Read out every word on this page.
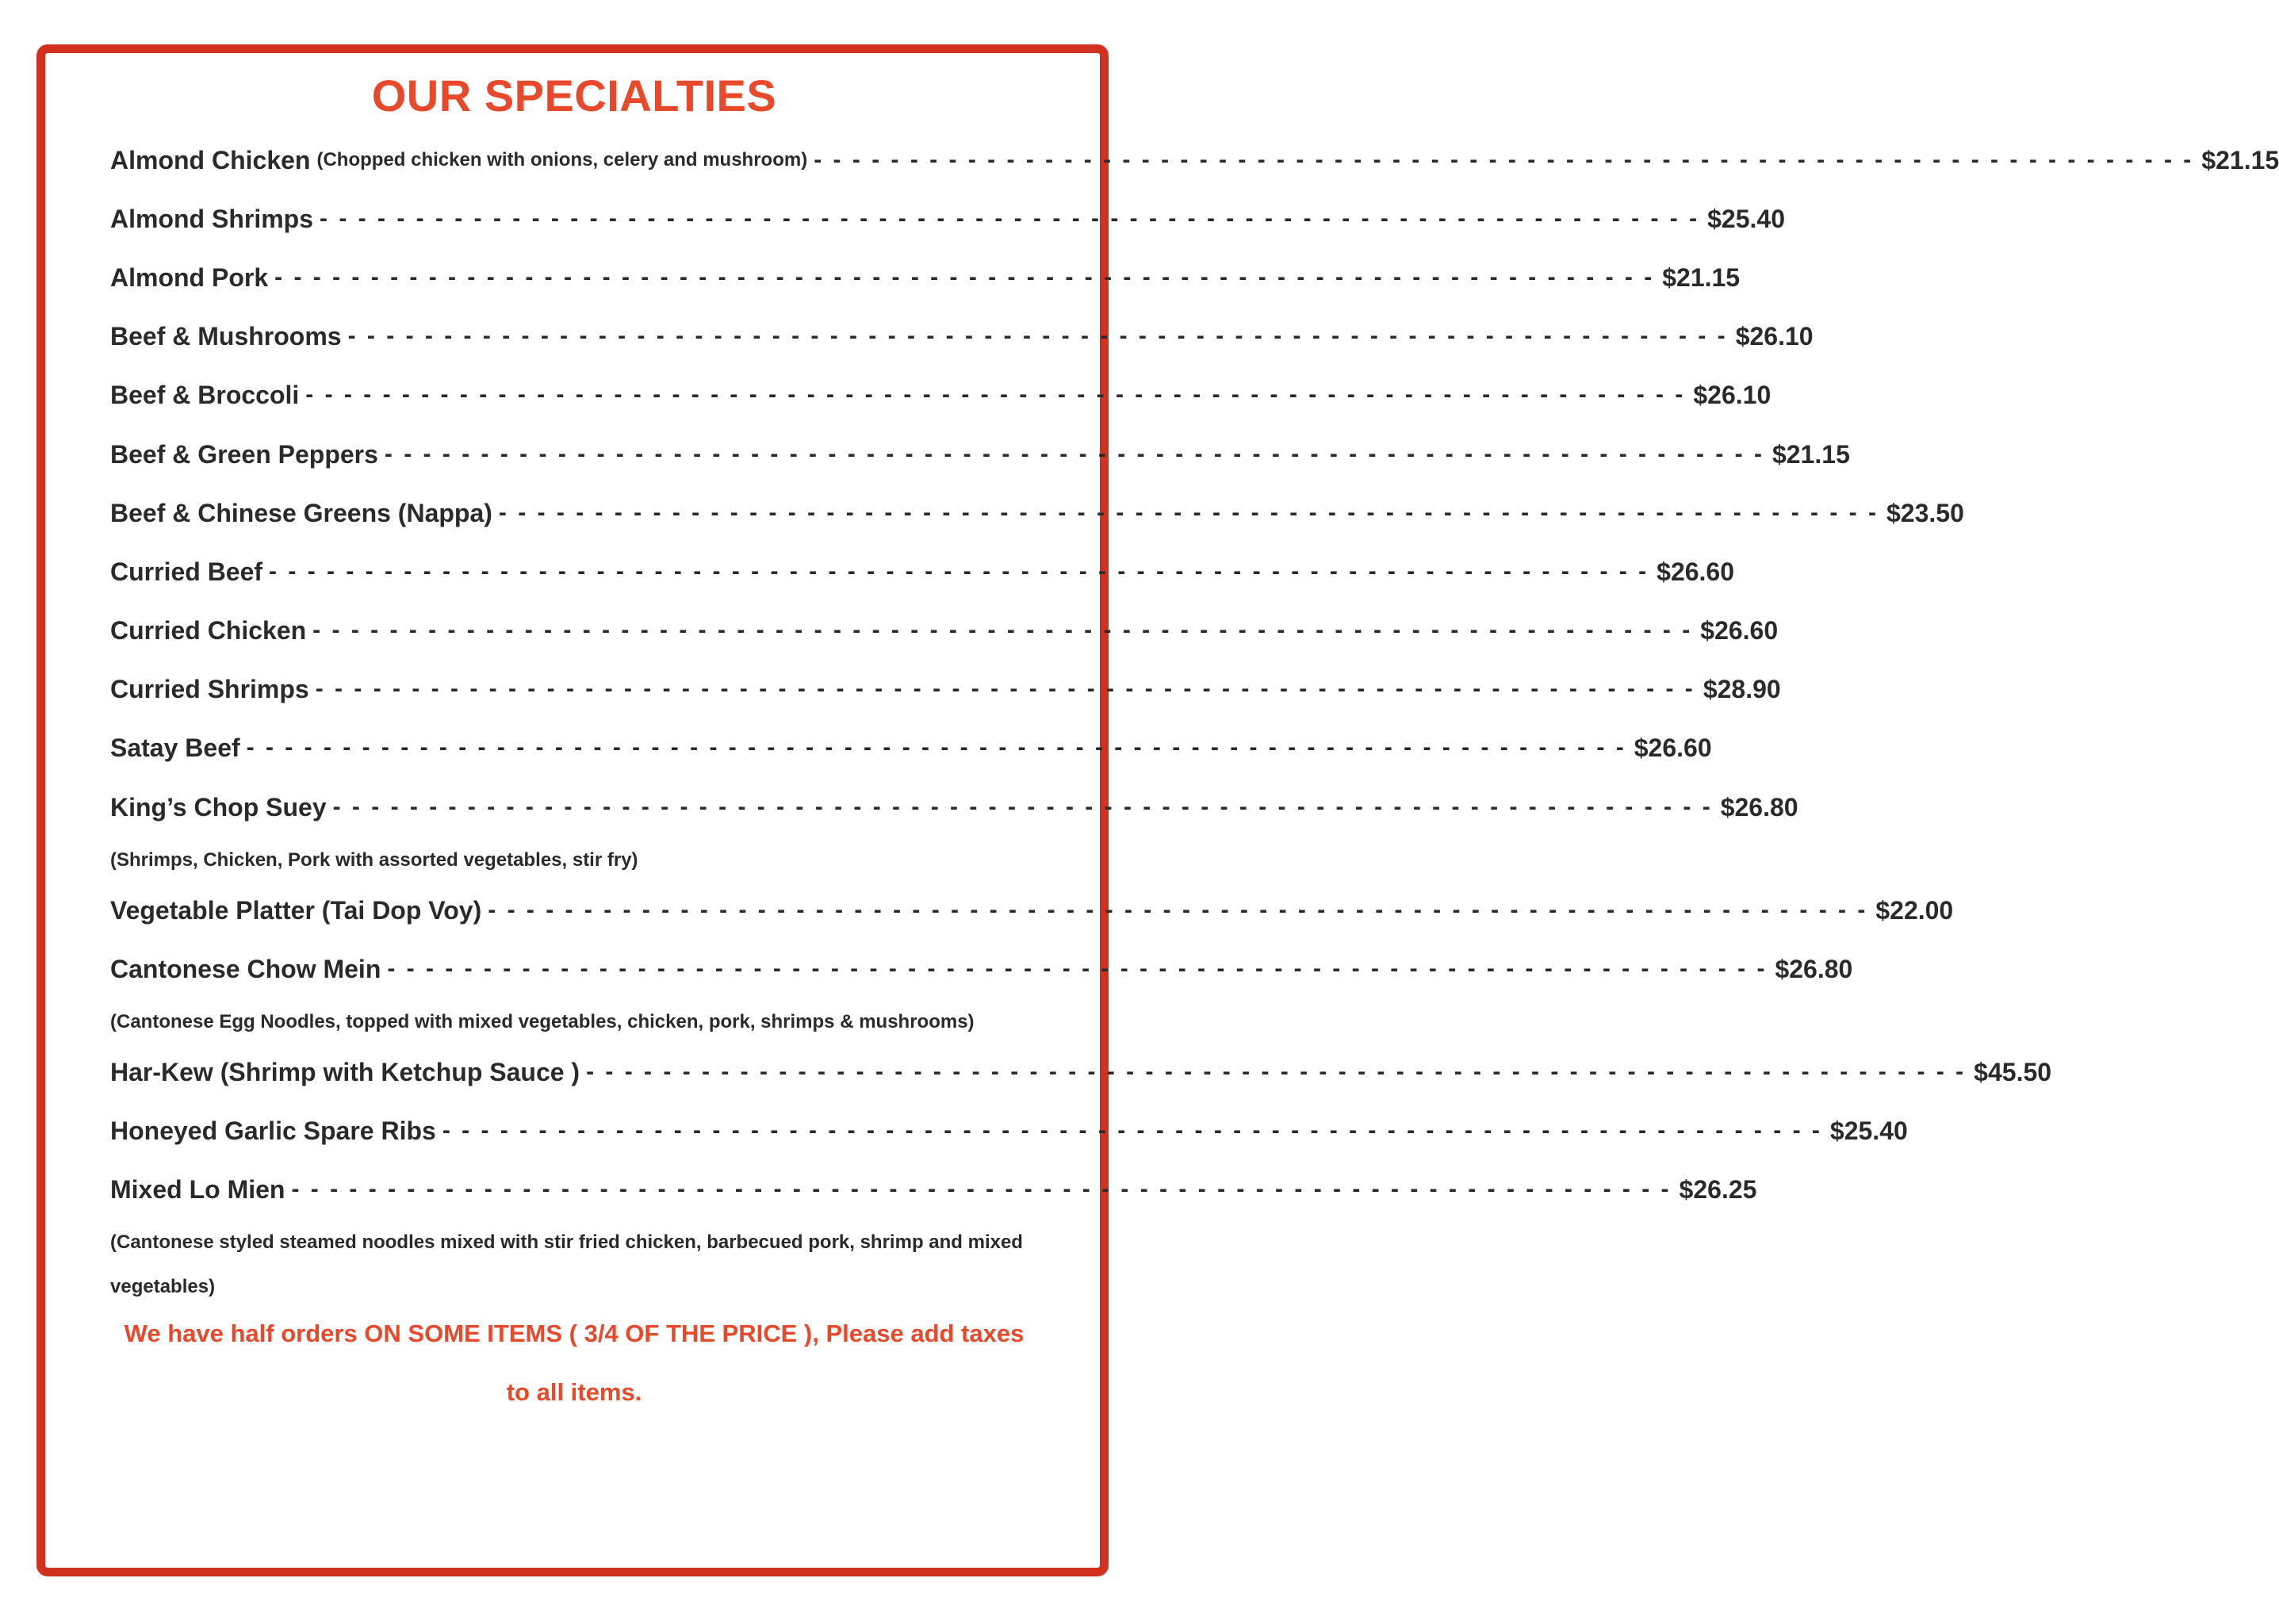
OUR SPECIALTIES
Almond Chicken (Chopped chicken with onions, celery and mushroom) - - - - - - - - - - - - - - - - - - - - - - - - - - - - - - - - - - - - - - - - - - - - - - - - - - - - - - - - - - - - - - - - - - - - - - - - $21.15
Almond Shrimps - - - - - - - - - - - - - - - - - - - - - - - - - - - - - - - - - - - - - - - - - - - - - - - - - - - - - - - - - - - - - - - - - - - - - - - - $25.40
Almond Pork - - - - - - - - - - - - - - - - - - - - - - - - - - - - - - - - - - - - - - - - - - - - - - - - - - - - - - - - - - - - - - - - - - - - - - - - $21.15
Beef & Mushrooms - - - - - - - - - - - - - - - - - - - - - - - - - - - - - - - - - - - - - - - - - - - - - - - - - - - - - - - - - - - - - - - - - - - - - - - - $26.10
Beef & Broccoli - - - - - - - - - - - - - - - - - - - - - - - - - - - - - - - - - - - - - - - - - - - - - - - - - - - - - - - - - - - - - - - - - - - - - - - - $26.10
Beef & Green Peppers - - - - - - - - - - - - - - - - - - - - - - - - - - - - - - - - - - - - - - - - - - - - - - - - - - - - - - - - - - - - - - - - - - - - - - - - $21.15
Beef & Chinese Greens (Nappa) - - - - - - - - - - - - - - - - - - - - - - - - - - - - - - - - - - - - - - - - - - - - - - - - - - - - - - - - - - - - - - - - - - - - - - - - $23.50
Curried Beef - - - - - - - - - - - - - - - - - - - - - - - - - - - - - - - - - - - - - - - - - - - - - - - - - - - - - - - - - - - - - - - - - - - - - - - - $26.60
Curried Chicken - - - - - - - - - - - - - - - - - - - - - - - - - - - - - - - - - - - - - - - - - - - - - - - - - - - - - - - - - - - - - - - - - - - - - - - - $26.60
Curried Shrimps - - - - - - - - - - - - - - - - - - - - - - - - - - - - - - - - - - - - - - - - - - - - - - - - - - - - - - - - - - - - - - - - - - - - - - - - $28.90
Satay Beef - - - - - - - - - - - - - - - - - - - - - - - - - - - - - - - - - - - - - - - - - - - - - - - - - - - - - - - - - - - - - - - - - - - - - - - - $26.60
King’s Chop Suey - - - - - - - - - - - - - - - - - - - - - - - - - - - - - - - - - - - - - - - - - - - - - - - - - - - - - - - - - - - - - - - - - - - - - - - - $26.80
(Shrimps, Chicken, Pork with assorted vegetables, stir fry)
Vegetable Platter (Tai Dop Voy) - - - - - - - - - - - - - - - - - - - - - - - - - - - - - - - - - - - - - - - - - - - - - - - - - - - - - - - - - - - - - - - - - - - - - - - - $22.00
Cantonese Chow Mein - - - - - - - - - - - - - - - - - - - - - - - - - - - - - - - - - - - - - - - - - - - - - - - - - - - - - - - - - - - - - - - - - - - - - - - - $26.80
(Cantonese Egg Noodles, topped with mixed vegetables, chicken, pork, shrimps & mushrooms)
Har-Kew (Shrimp with Ketchup Sauce ) - - - - - - - - - - - - - - - - - - - - - - - - - - - - - - - - - - - - - - - - - - - - - - - - - - - - - - - - - - - - - - - - - - - - - - - - $45.50
Honeyed Garlic Spare Ribs - - - - - - - - - - - - - - - - - - - - - - - - - - - - - - - - - - - - - - - - - - - - - - - - - - - - - - - - - - - - - - - - - - - - - - - - $25.40
Mixed Lo Mien - - - - - - - - - - - - - - - - - - - - - - - - - - - - - - - - - - - - - - - - - - - - - - - - - - - - - - - - - - - - - - - - - - - - - - - - $26.25
(Cantonese styled steamed noodles mixed with stir fried chicken, barbecued pork, shrimp and mixed
vegetables)
We have half orders ON SOME ITEMS ( 3/4 OF THE PRICE ), Please add taxes
to all items.
